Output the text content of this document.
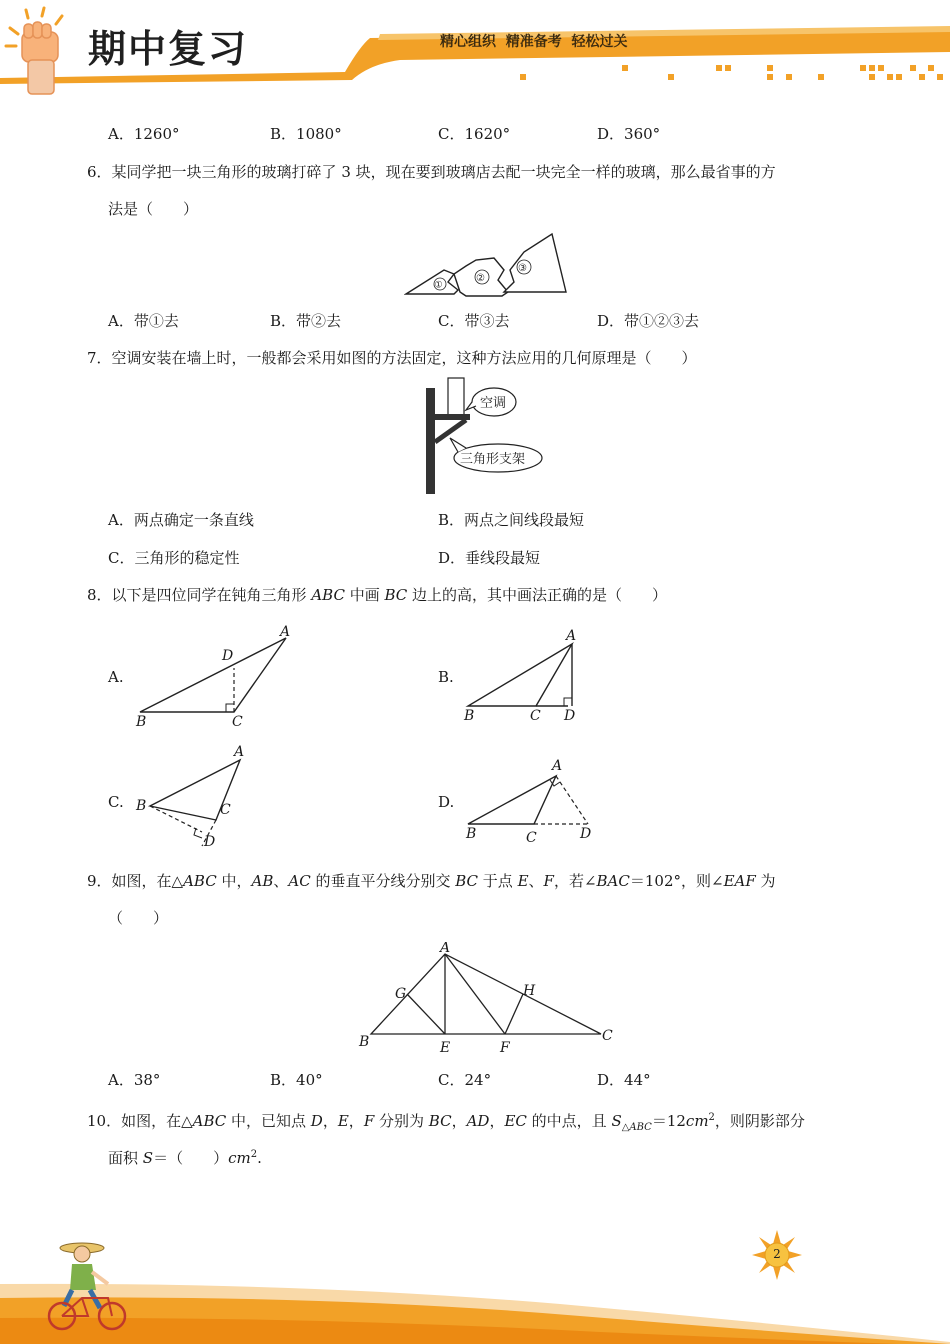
期中复习	精心组织  精准备考  轻松过关
A．1260°	B．1080°	C．1620°	D．360°
6．某同学把一块三角形的玻璃打碎了 3 块，现在要到玻璃店去配一块完全一样的玻璃，那么最省事的方
法是（　　）
①
②
③
A．带①去	B．带②去	C．带③去	D．带①②③去
7．空调安装在墙上时，一般都会采用如图的方法固定，这种方法应用的几何原理是（　　）
空调
三角形支架
A．两点确定一条直线	B．两点之间线段最短
C．三角形的稳定性	D．垂线段最短
8．以下是四位同学在钝角三角形 ABC 中画 BC 边上的高，其中画法正确的是（　　）
A.
A
B	C
D
B.
A
B	C D
C.
A
B	C
D
D.
A
B	C	D
9．如图，在△ABC 中，AB、AC 的垂直平分线分别交 BC 于点 E、F，若∠BAC＝102°，则∠EAF 为
（　　）
A
B	C
E	F
G	H
A．38°	B．40°	C．24°	D．44°
10．如图，在△ABC 中，已知点 D，E，F 分别为 BC，AD，EC 的中点，且 $S_{\triangle ABC}=12cm^2$，则阴影部分
面积 S＝（　　）$cm^2$.
2
